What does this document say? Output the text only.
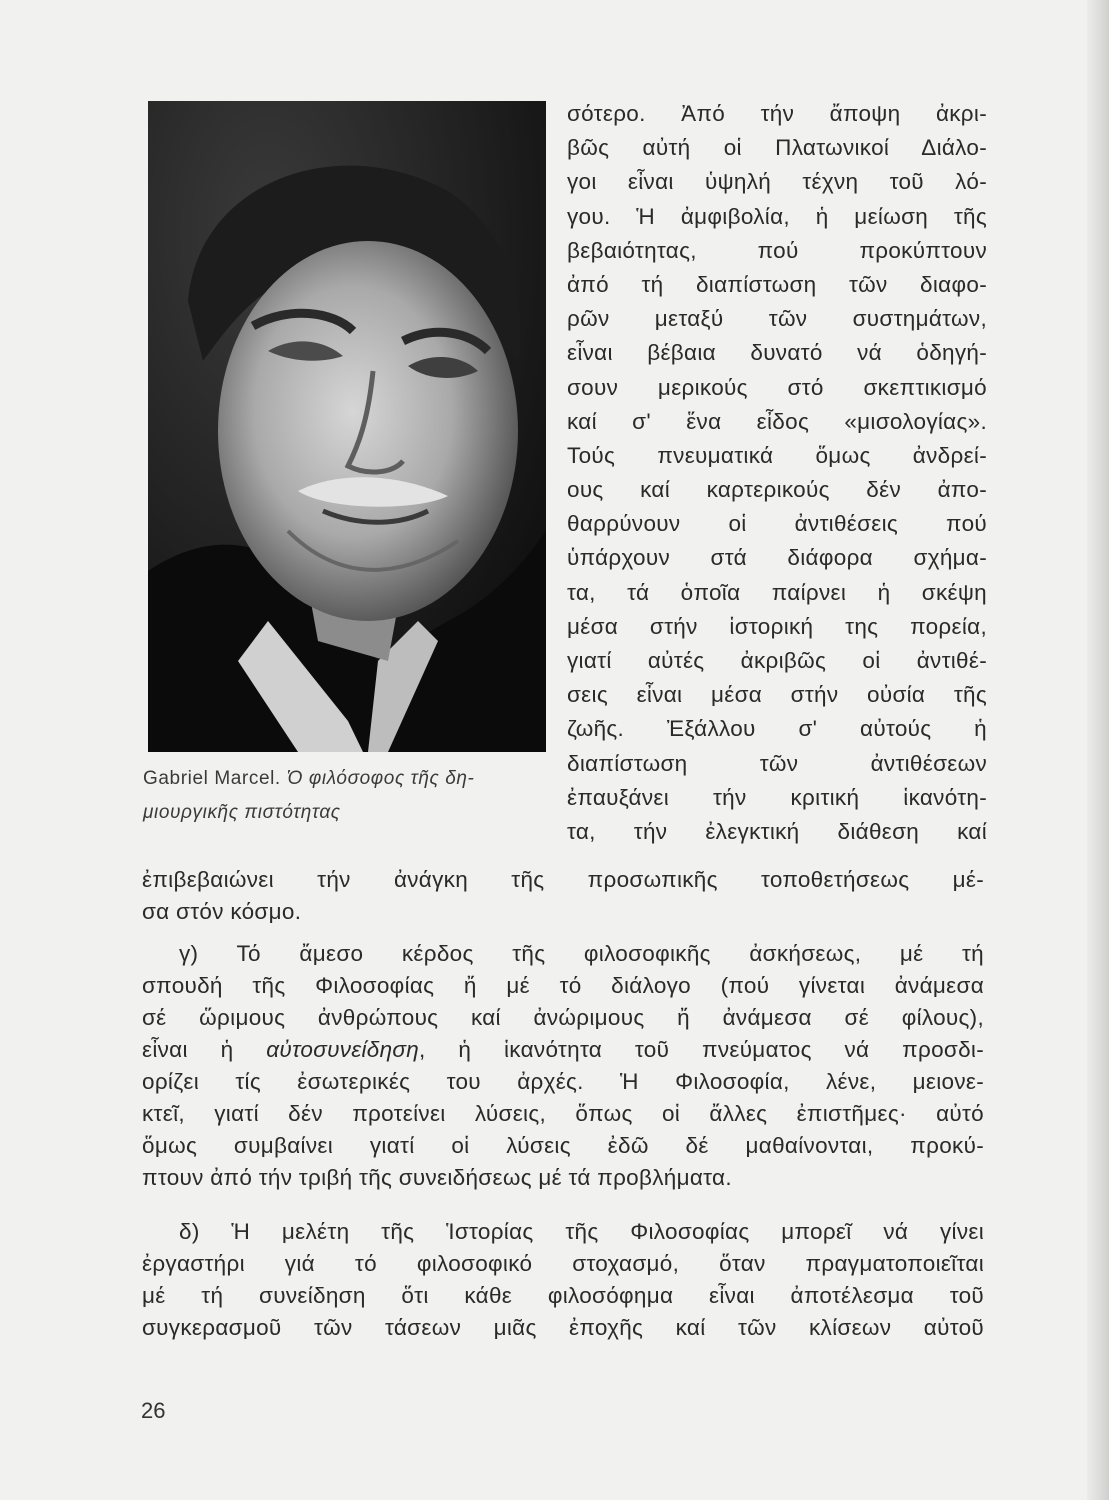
Gabriel Marcel. Ὁ φιλόσοφος τῆς δη-
μιουργικῆς πιστότητας
σότερο. Ἀπό τήν ἄποψη ἀκρι-
βῶς αὐτή οἱ Πλατωνικοί Διάλο-
γοι εἶναι ὑψηλή τέχνη τοῦ λό-
γου. Ἡ ἀμφιβολία, ἡ μείωση τῆς
βεβαιότητας, πού προκύπτουν
ἀπό τή διαπίστωση τῶν διαφο-
ρῶν μεταξύ τῶν συστημάτων,
εἶναι βέβαια δυνατό νά ὁδηγή-
σουν μερικούς στό σκεπτικισμό
καί σ' ἕνα εἶδος «μισολογίας».
Τούς πνευματικά ὅμως ἀνδρεί-
ους καί καρτερικούς δέν ἀπο-
θαρρύνουν οἱ ἀντιθέσεις πού
ὑπάρχουν στά διάφορα σχήμα-
τα, τά ὁποῖα παίρνει ἡ σκέψη
μέσα στήν ἱστορική της πορεία,
γιατί αὐτές ἀκριβῶς οἱ ἀντιθέ-
σεις εἶναι μέσα στήν οὐσία τῆς
ζωῆς. Ἐξάλλου σ' αὐτούς ἡ
διαπίστωση τῶν ἀντιθέσεων
ἐπαυξάνει τήν κριτική ἱκανότη-
τα, τήν ἐλεγκτική διάθεση καί
ἐπιβεβαιώνει τήν ἀνάγκη τῆς προσωπικῆς τοποθετήσεως μέ-
σα στόν κόσμο.
γ) Τό ἄμεσο κέρδος τῆς φιλοσοφικῆς ἀσκήσεως, μέ τή
σπουδή τῆς Φιλοσοφίας ἤ μέ τό διάλογο (πού γίνεται ἀνάμεσα
σέ ὥριμους ἀνθρώπους καί ἀνώριμους ἤ ἀνάμεσα σέ φίλους),
εἶναι ἡ αὐτοσυνείδηση, ἡ ἱκανότητα τοῦ πνεύματος νά προσδι-
ορίζει τίς ἐσωτερικές του ἀρχές. Ἡ Φιλοσοφία, λένε, μειονε-
κτεῖ, γιατί δέν προτείνει λύσεις, ὅπως οἱ ἄλλες ἐπιστῆμες· αὐτό
ὅμως συμβαίνει γιατί οἱ λύσεις ἐδῶ δέ μαθαίνονται, προκύ-
πτουν ἀπό τήν τριβή τῆς συνειδήσεως μέ τά προβλήματα.
δ) Ἡ μελέτη τῆς Ἱστορίας τῆς Φιλοσοφίας μπορεῖ νά γίνει
ἐργαστήρι γιά τό φιλοσοφικό στοχασμό, ὅταν πραγματοποιεῖται
μέ τή συνείδηση ὅτι κάθε φιλοσόφημα εἶναι ἀποτέλεσμα τοῦ
συγκερασμοῦ τῶν τάσεων μιᾶς ἐποχῆς καί τῶν κλίσεων αὐτοῦ
26
